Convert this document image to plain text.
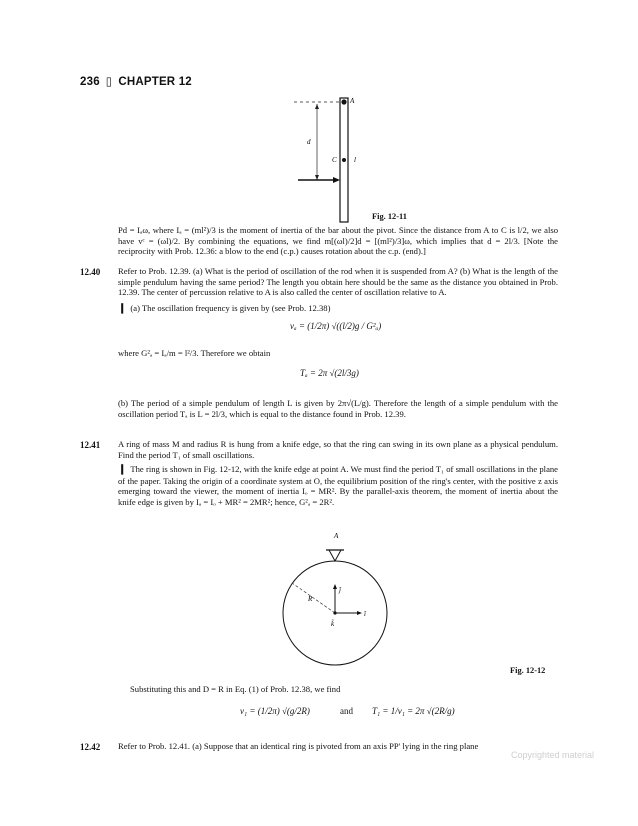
236 ▯ CHAPTER 12
A
d
C l
Fig. 12-11

Pd = Iₐω, where Iₐ = (ml²)/3 is the moment of inertia of the bar about the pivot. Since the distance from A to C is l/2, we also have vᶜ = (ωl)/2. By combining the equations, we find m[(ωl)/2]d = [(ml²)/3]ω, which implies that d = 2l/3. [Note the reciprocity with Prob. 12.36: a blow to the end (c.p.) causes rotation about the c.p. (end).]

12.40 Refer to Prob. 12.39. (a) What is the period of oscillation of the rod when it is suspended from A? (b) What is the length of the simple pendulum having the same period? The length you obtain here should be the same as the distance you obtained in Prob. 12.39. The center of percussion relative to A is also called the center of oscillation relative to A.

❙ (a) The oscillation frequency is given by (see Prob. 12.38)

νₐ = (1/2π) √((l/2)g / G²ₐ)

where G²ₐ = Iₐ/m = l²/3. Therefore we obtain

Tₐ = 2π √(2l/3g)

(b) The period of a simple pendulum of length L is given by 2π√(L/g). Therefore the length of a simple pendulum with the oscillation period Tₐ is L = 2l/3, which is equal to the distance found in Prob. 12.39.

12.41 A ring of mass M and radius R is hung from a knife edge, so that the ring can swing in its own plane as a physical pendulum. Find the period T₁ of small oscillations.

❙ The ring is shown in Fig. 12-12, with the knife edge at point A. We must find the period T₁ of small oscillations in the plane of the paper. Taking the origin of a coordinate system at O, the equilibrium position of the ring's center, with the positive z axis emerging toward the viewer, the moment of inertia Iₒ = MR². By the parallel-axis theorem, the moment of inertia about the knife edge is given by Iₐ = Iₒ + MR² = 2MR²; hence, G²ₐ = 2R².

A
R
ĵ
î
k̂
Fig. 12-12

Substituting this and D = R in Eq. (1) of Prob. 12.38, we find

ν₁ = (1/2π) √(g/2R)	and T₁ = 1/ν₁ = 2π √(2R/g)
12.42 Refer to Prob. 12.41. (a) Suppose that an identical ring is pivoted from an axis PP' lying in the ring plane

Copyrighted material
